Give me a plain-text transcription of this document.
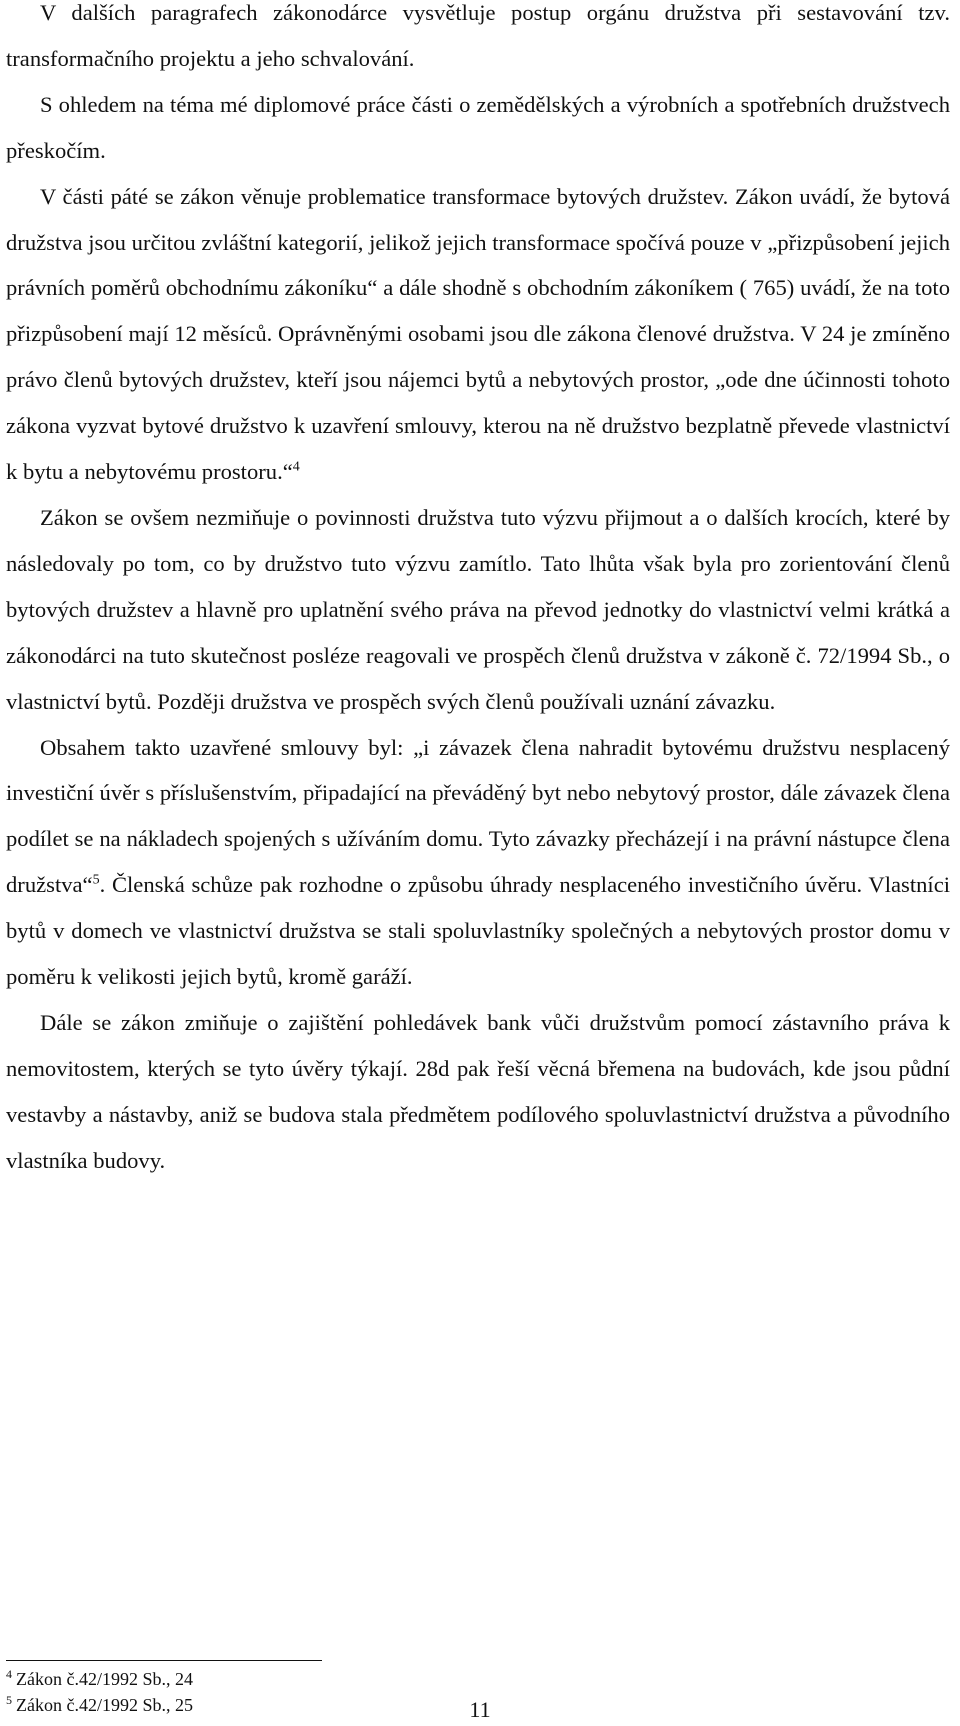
V dalších paragrafech zákonodárce vysvětluje postup orgánu družstva při sestavování tzv. transformačního projektu a jeho schvalování.

S ohledem na téma mé diplomové práce části o zemědělských a výrobních a spotřebních družstvech přeskočím.

V části páté se zákon věnuje problematice transformace bytových družstev. Zákon uvádí, že bytová družstva jsou určitou zvláštní kategorií, jelikož jejich transformace spočívá pouze v „přizpůsobení jejich právních poměrů obchodnímu zákoníku“ a dále shodně s obchodním zákoníkem ( 765) uvádí, že na toto přizpůsobení mají 12 měsíců. Oprávněnými osobami jsou dle zákona členové družstva. V 24 je zmíněno právo členů bytových družstev, kteří jsou nájemci bytů a nebytových prostor, „ode dne účinnosti tohoto zákona vyzvat bytové družstvo k uzavření smlouvy, kterou na ně družstvo bezplatně převede vlastnictví k bytu a nebytovému prostoru.“$^4$

Zákon se ovšem nezmiňuje o povinnosti družstva tuto výzvu přijmout a o dalších krocích, které by následovaly po tom, co by družstvo tuto výzvu zamítlo. Tato lhůta však byla pro zorientování členů bytových družstev a hlavně pro uplatnění svého práva na převod jednotky do vlastnictví velmi krátká a zákonodárci na tuto skutečnost posléze reagovali ve prospěch členů družstva v zákoně č. 72/1994 Sb., o vlastnictví bytů. Později družstva ve prospěch svých členů používali uznání závazku.

Obsahem takto uzavřené smlouvy byl: „i závazek člena nahradit bytovému družstvu nesplacený investiční úvěr s příslušenstvím, připadající na převáděný byt nebo nebytový prostor, dále závazek člena podílet se na nákladech spojených s užíváním domu. Tyto závazky přecházejí i na právní nástupce člena družstva“$^5$. Členská schůze pak rozhodne o způsobu úhrady nesplaceného investičního úvěru. Vlastníci bytů v domech ve vlastnictví družstva se stali spoluvlastníky společných a nebytových prostor domu v poměru k velikosti jejich bytů, kromě garáží.

Dále se zákon zmiňuje o zajištění pohledávek bank vůči družstvům pomocí zástavního práva k nemovitostem, kterých se tyto úvěry týkají. 28d pak řeší věcná břemena na budovách, kde jsou půdní vestavby a nástavby, aniž se budova stala předmětem podílového spoluvlastnictví družstva a původního vlastníka budovy.

$^4$ Zákon č.42/1992 Sb., 24
$^5$ Zákon č.42/1992 Sb., 25	11
